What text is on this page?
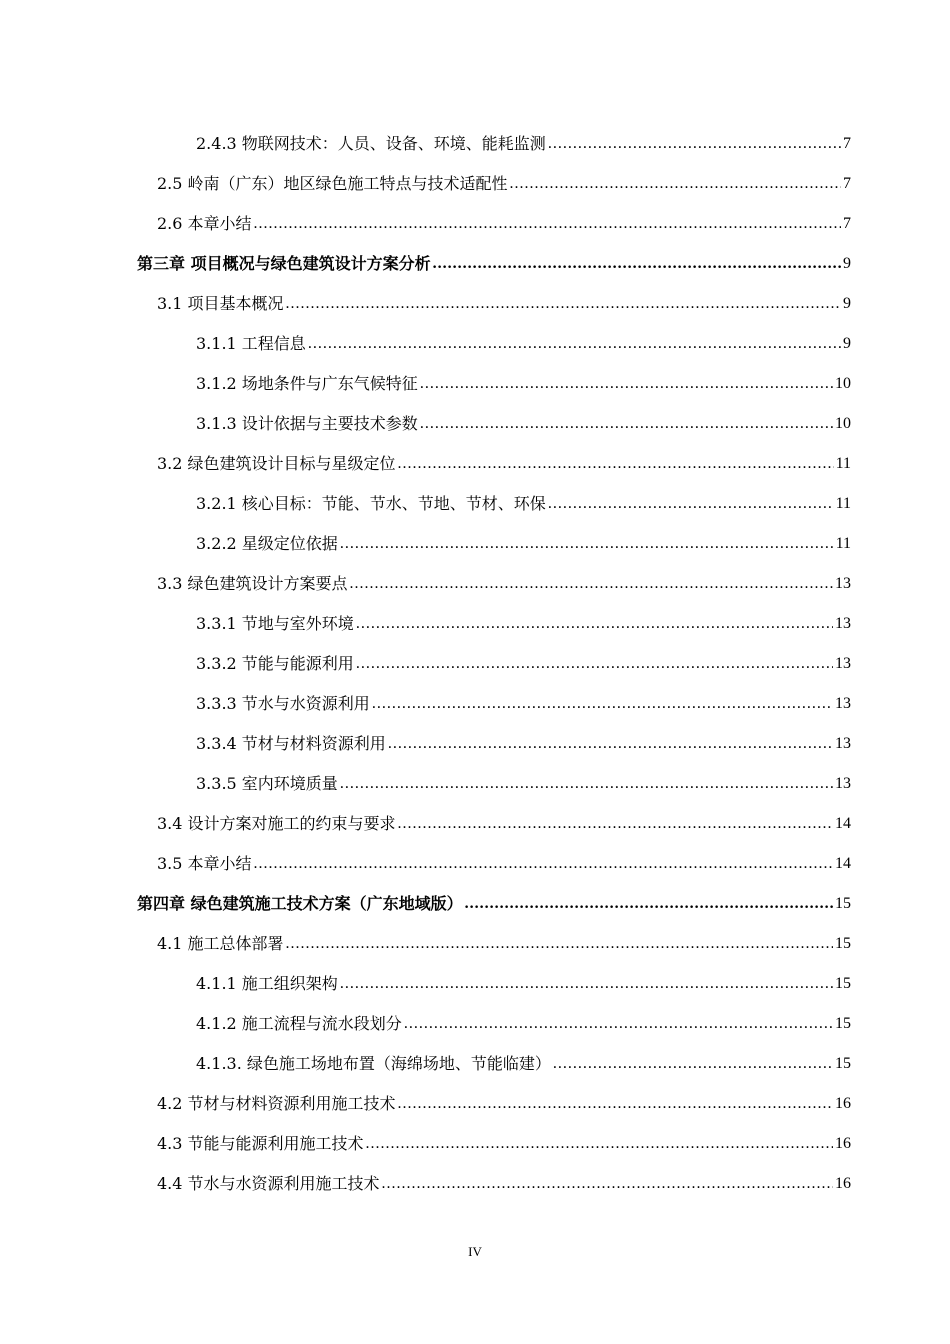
2.4.3 物联网技术：人员、设备、环境、能耗监测 .....	7
2.5 岭南（广东）地区绿色施工特点与技术适配性 .....	7
2.6 本章小结 .....	7
第三章 项目概况与绿色建筑设计方案分析 .....	9
3.1 项目基本概况 .....	9
3.1.1 工程信息 .....	9
3.1.2 场地条件与广东气候特征 .....	10
3.1.3 设计依据与主要技术参数 .....	10
3.2 绿色建筑设计目标与星级定位 .....	11
3.2.1 核心目标：节能、节水、节地、节材、环保 .....	11
3.2.2 星级定位依据 .....	11
3.3 绿色建筑设计方案要点 .....	13
3.3.1 节地与室外环境 .....	13
3.3.2 节能与能源利用 .....	13
3.3.3 节水与水资源利用 .....	13
3.3.4 节材与材料资源利用 .....	13
3.3.5 室内环境质量 .....	13
3.4 设计方案对施工的约束与要求 .....	14
3.5 本章小结 .....	14
第四章 绿色建筑施工技术方案（广东地域版） .....	15
4.1 施工总体部署 .....	15
4.1.1 施工组织架构 .....	15
4.1.2 施工流程与流水段划分 .....	15
4.1.3. 绿色施工场地布置（海绵场地、节能临建） .....	15
4.2 节材与材料资源利用施工技术 .....	16
4.3 节能与能源利用施工技术 .....	16
4.4 节水与水资源利用施工技术 .....	16
IV
